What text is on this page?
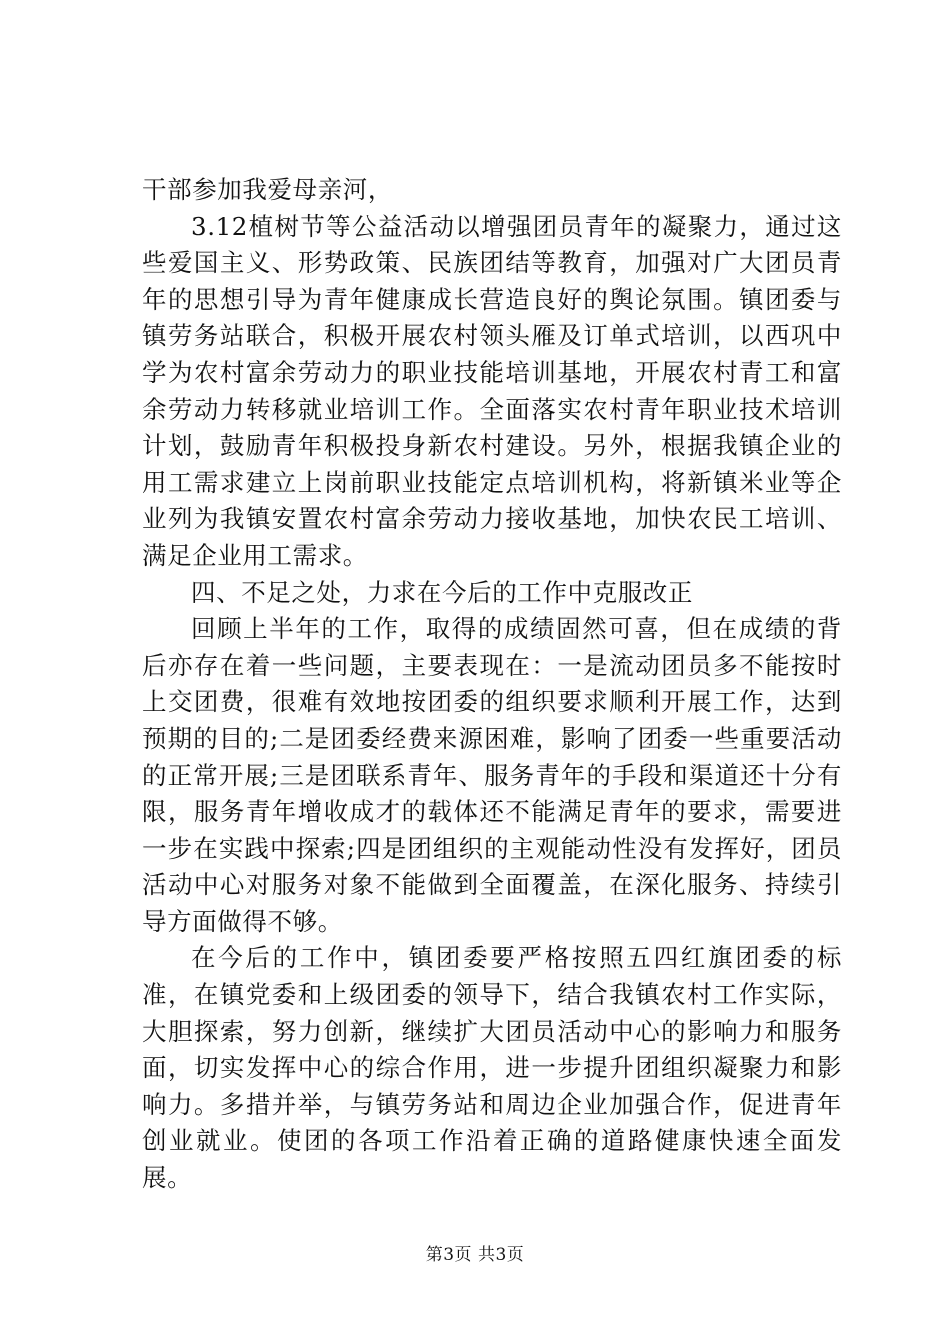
干部参加我爱母亲河，

3.12植树节等公益活动以增强团员青年的凝聚力，通过这些爱国主义、形势政策、民族团结等教育，加强对广大团员青年的思想引导为青年健康成长营造良好的舆论氛围。镇团委与镇劳务站联合，积极开展农村领头雁及订单式培训，以西巩中学为农村富余劳动力的职业技能培训基地，开展农村青工和富余劳动力转移就业培训工作。全面落实农村青年职业技术培训计划，鼓励青年积极投身新农村建设。另外，根据我镇企业的用工需求建立上岗前职业技能定点培训机构，将新镇米业等企业列为我镇安置农村富余劳动力接收基地，加快农民工培训、满足企业用工需求。

四、不足之处，力求在今后的工作中克服改正

回顾上半年的工作，取得的成绩固然可喜，但在成绩的背后亦存在着一些问题，主要表现在：一是流动团员多不能按时上交团费，很难有效地按团委的组织要求顺利开展工作，达到预期的目的;二是团委经费来源困难，影响了团委一些重要活动的正常开展;三是团联系青年、服务青年的手段和渠道还十分有限，服务青年增收成才的载体还不能满足青年的要求，需要进一步在实践中探索;四是团组织的主观能动性没有发挥好，团员活动中心对服务对象不能做到全面覆盖，在深化服务、持续引导方面做得不够。

在今后的工作中，镇团委要严格按照五四红旗团委的标准，在镇党委和上级团委的领导下，结合我镇农村工作实际，大胆探索，努力创新，继续扩大团员活动中心的影响力和服务面，切实发挥中心的综合作用，进一步提升团组织凝聚力和影响力。多措并举，与镇劳务站和周边企业加强合作，促进青年创业就业。使团的各项工作沿着正确的道路健康快速全面发展。

第3页 共3页
